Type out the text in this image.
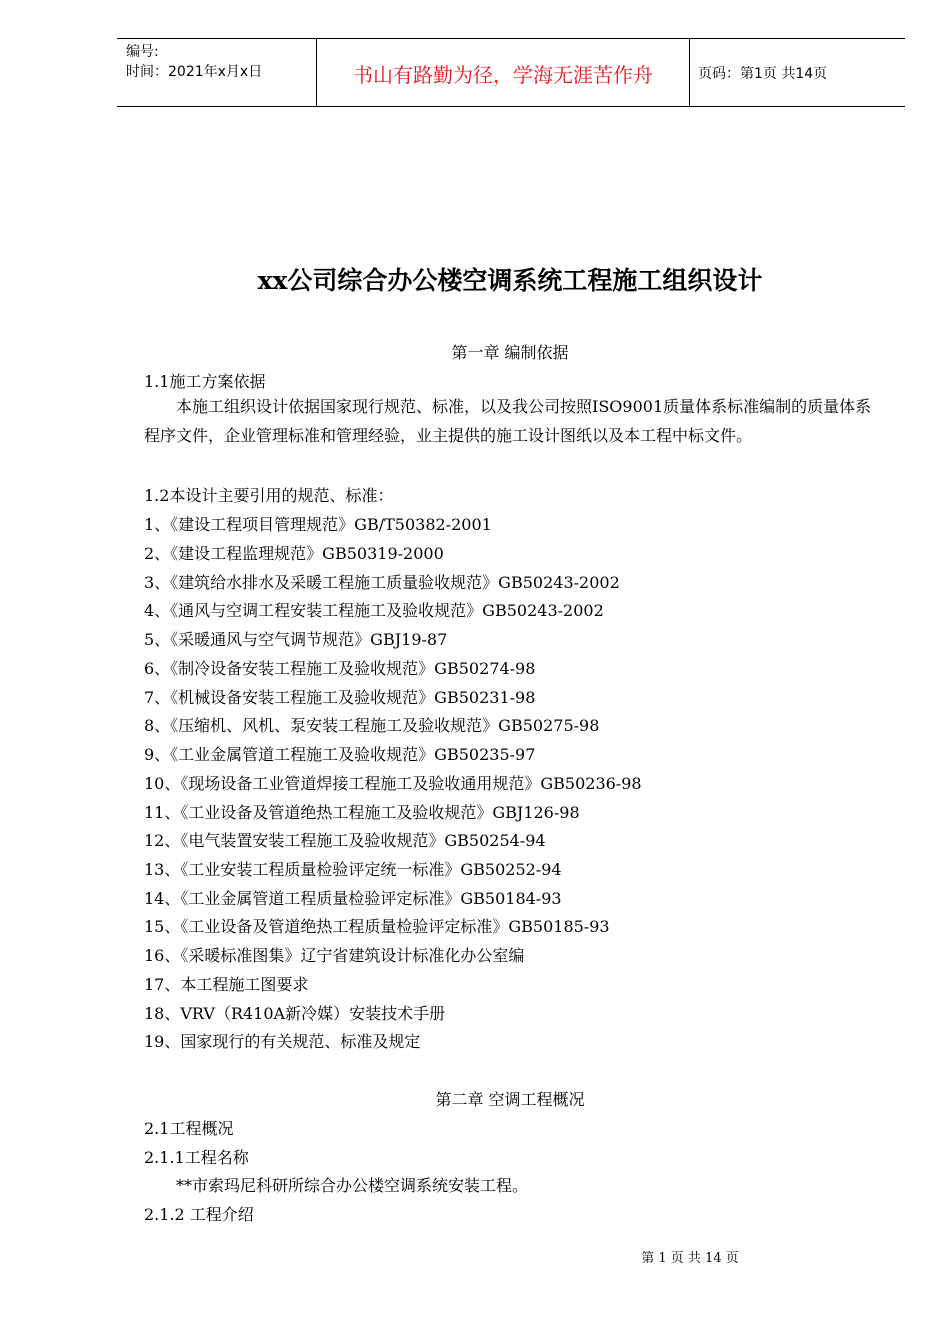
编号:
时间：2021年x月x日	书山有路勤为径，学海无涯苦作舟	页码：第1页 共14页
xx公司综合办公楼空调系统工程施工组织设计
第一章 编制依据
1.1施工方案依据
本施工组织设计依据国家现行规范、标准，以及我公司按照ISO9001质量体系标准编制的质量体系程序文件，企业管理标准和管理经验，业主提供的施工设计图纸以及本工程中标文件。
1.2本设计主要引用的规范、标准：
1、《建设工程项目管理规范》GB/T50382-2001
2、《建设工程监理规范》GB50319-2000
3、《建筑给水排水及采暖工程施工质量验收规范》GB50243-2002
4、《通风与空调工程安装工程施工及验收规范》GB50243-2002
5、《采暖通风与空气调节规范》GBJ19-87
6、《制冷设备安装工程施工及验收规范》GB50274-98
7、《机械设备安装工程施工及验收规范》GB50231-98
8、《压缩机、风机、泵安装工程施工及验收规范》GB50275-98
9、《工业金属管道工程施工及验收规范》GB50235-97
10、《现场设备工业管道焊接工程施工及验收通用规范》GB50236-98
11、《工业设备及管道绝热工程施工及验收规范》GBJ126-98
12、《电气装置安装工程施工及验收规范》GB50254-94
13、《工业安装工程质量检验评定统一标准》GB50252-94
14、《工业金属管道工程质量检验评定标准》GB50184-93
15、《工业设备及管道绝热工程质量检验评定标准》GB50185-93
16、《采暖标准图集》辽宁省建筑设计标准化办公室编
17、本工程施工图要求
18、VRV（R410A新冷媒）安装技术手册
19、国家现行的有关规范、标准及规定
第二章 空调工程概况
2.1工程概况
2.1.1工程名称
**市索玛尼科研所综合办公楼空调系统安装工程。
2.1.2 工程介绍
第 1 页 共 14 页
